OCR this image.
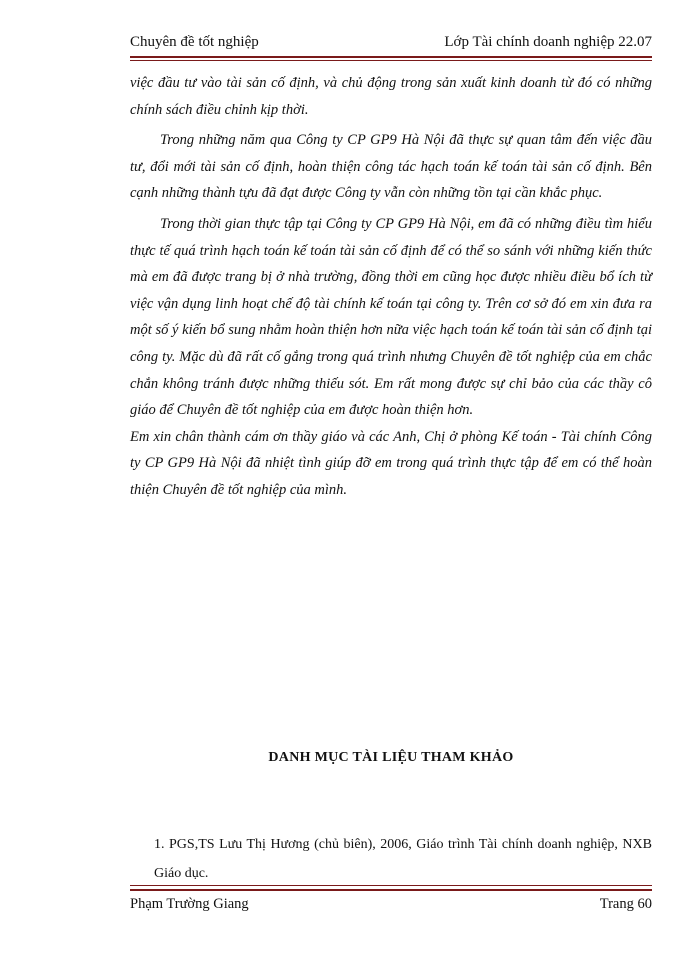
Chuyên đề tốt nghiệp	Lớp Tài chính doanh nghiệp 22.07

việc đầu tư vào tài sản cố định, và chủ động trong sản xuất kinh doanh từ đó có những chính sách điều chỉnh kịp thời.

Trong những năm qua Công ty CP GP9 Hà Nội đã thực sự quan tâm đến việc đầu tư, đổi mới tài sản cố định, hoàn thiện công tác hạch toán kế toán tài sản cố định. Bên cạnh những thành tựu đã đạt được Công ty vẫn còn những tồn tại cần khắc phục.

Trong thời gian thực tập tại Công ty CP GP9 Hà Nội, em đã có những điều tìm hiểu thực tế quá trình hạch toán kế toán tài sản cố định để có thể so sánh với những kiến thức mà em đã được trang bị ở nhà trường, đồng thời em cũng học được nhiều điều bổ ích từ việc vận dụng linh hoạt chế độ tài chính kế toán tại công ty. Trên cơ sở đó em xin đưa ra một số ý kiến bổ sung nhằm hoàn thiện hơn nữa việc hạch toán kế toán tài sản cố định tại công ty. Mặc dù đã rất cố gắng trong quá trình nhưng Chuyên đề tốt nghiệp của em chắc chắn không tránh được những thiếu sót. Em rất mong được sự chỉ bảo của các thầy cô giáo để Chuyên đề tốt nghiệp của em được hoàn thiện hơn.

Em xin chân thành cám ơn thầy giáo và các Anh, Chị ở phòng Kế toán - Tài chính Công ty CP GP9 Hà Nội đã nhiệt tình giúp đỡ em trong quá trình thực tập để em có thể hoàn thiện Chuyên đề tốt nghiệp của mình.

DANH MỤC TÀI LIỆU THAM KHẢO
1. PGS,TS Lưu Thị Hương (chủ biên), 2006, Giáo trình Tài chính doanh nghiệp, NXB Giáo dục.
Phạm Trường Giang	Trang 60
